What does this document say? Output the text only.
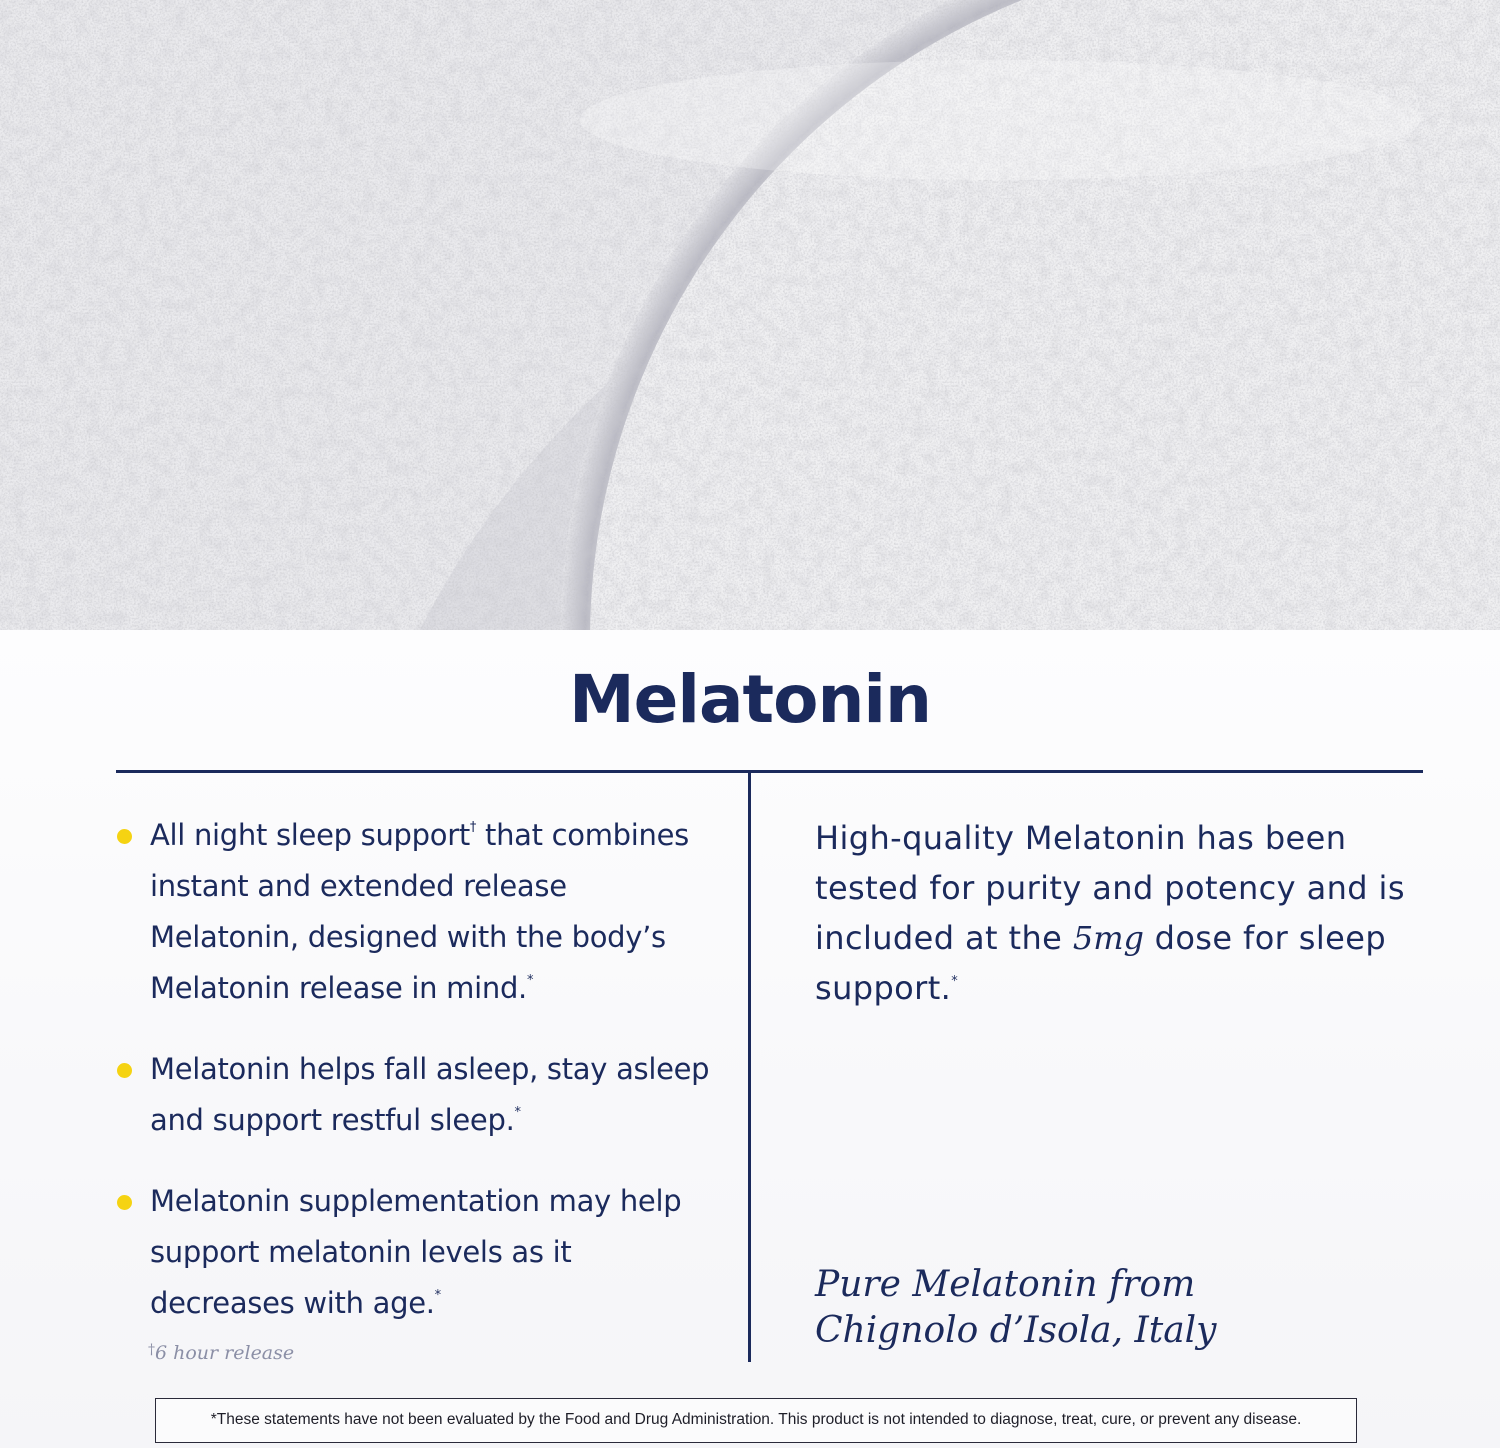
Melatonin
All night sleep support† that combines instant and extended release Melatonin, designed with the body’s Melatonin release in mind.*
Melatonin helps fall asleep, stay asleep and support restful sleep.*
Melatonin supplementation may help support melatonin levels as it decreases with age.*
†6 hour release
High-quality Melatonin has been tested for purity and potency and is included at the 5mg dose for sleep support.*
Pure Melatonin from
Chignolo d’Isola, Italy
*These statements have not been evaluated by the Food and Drug Administration. This product is not intended to diagnose, treat, cure, or prevent any disease.
